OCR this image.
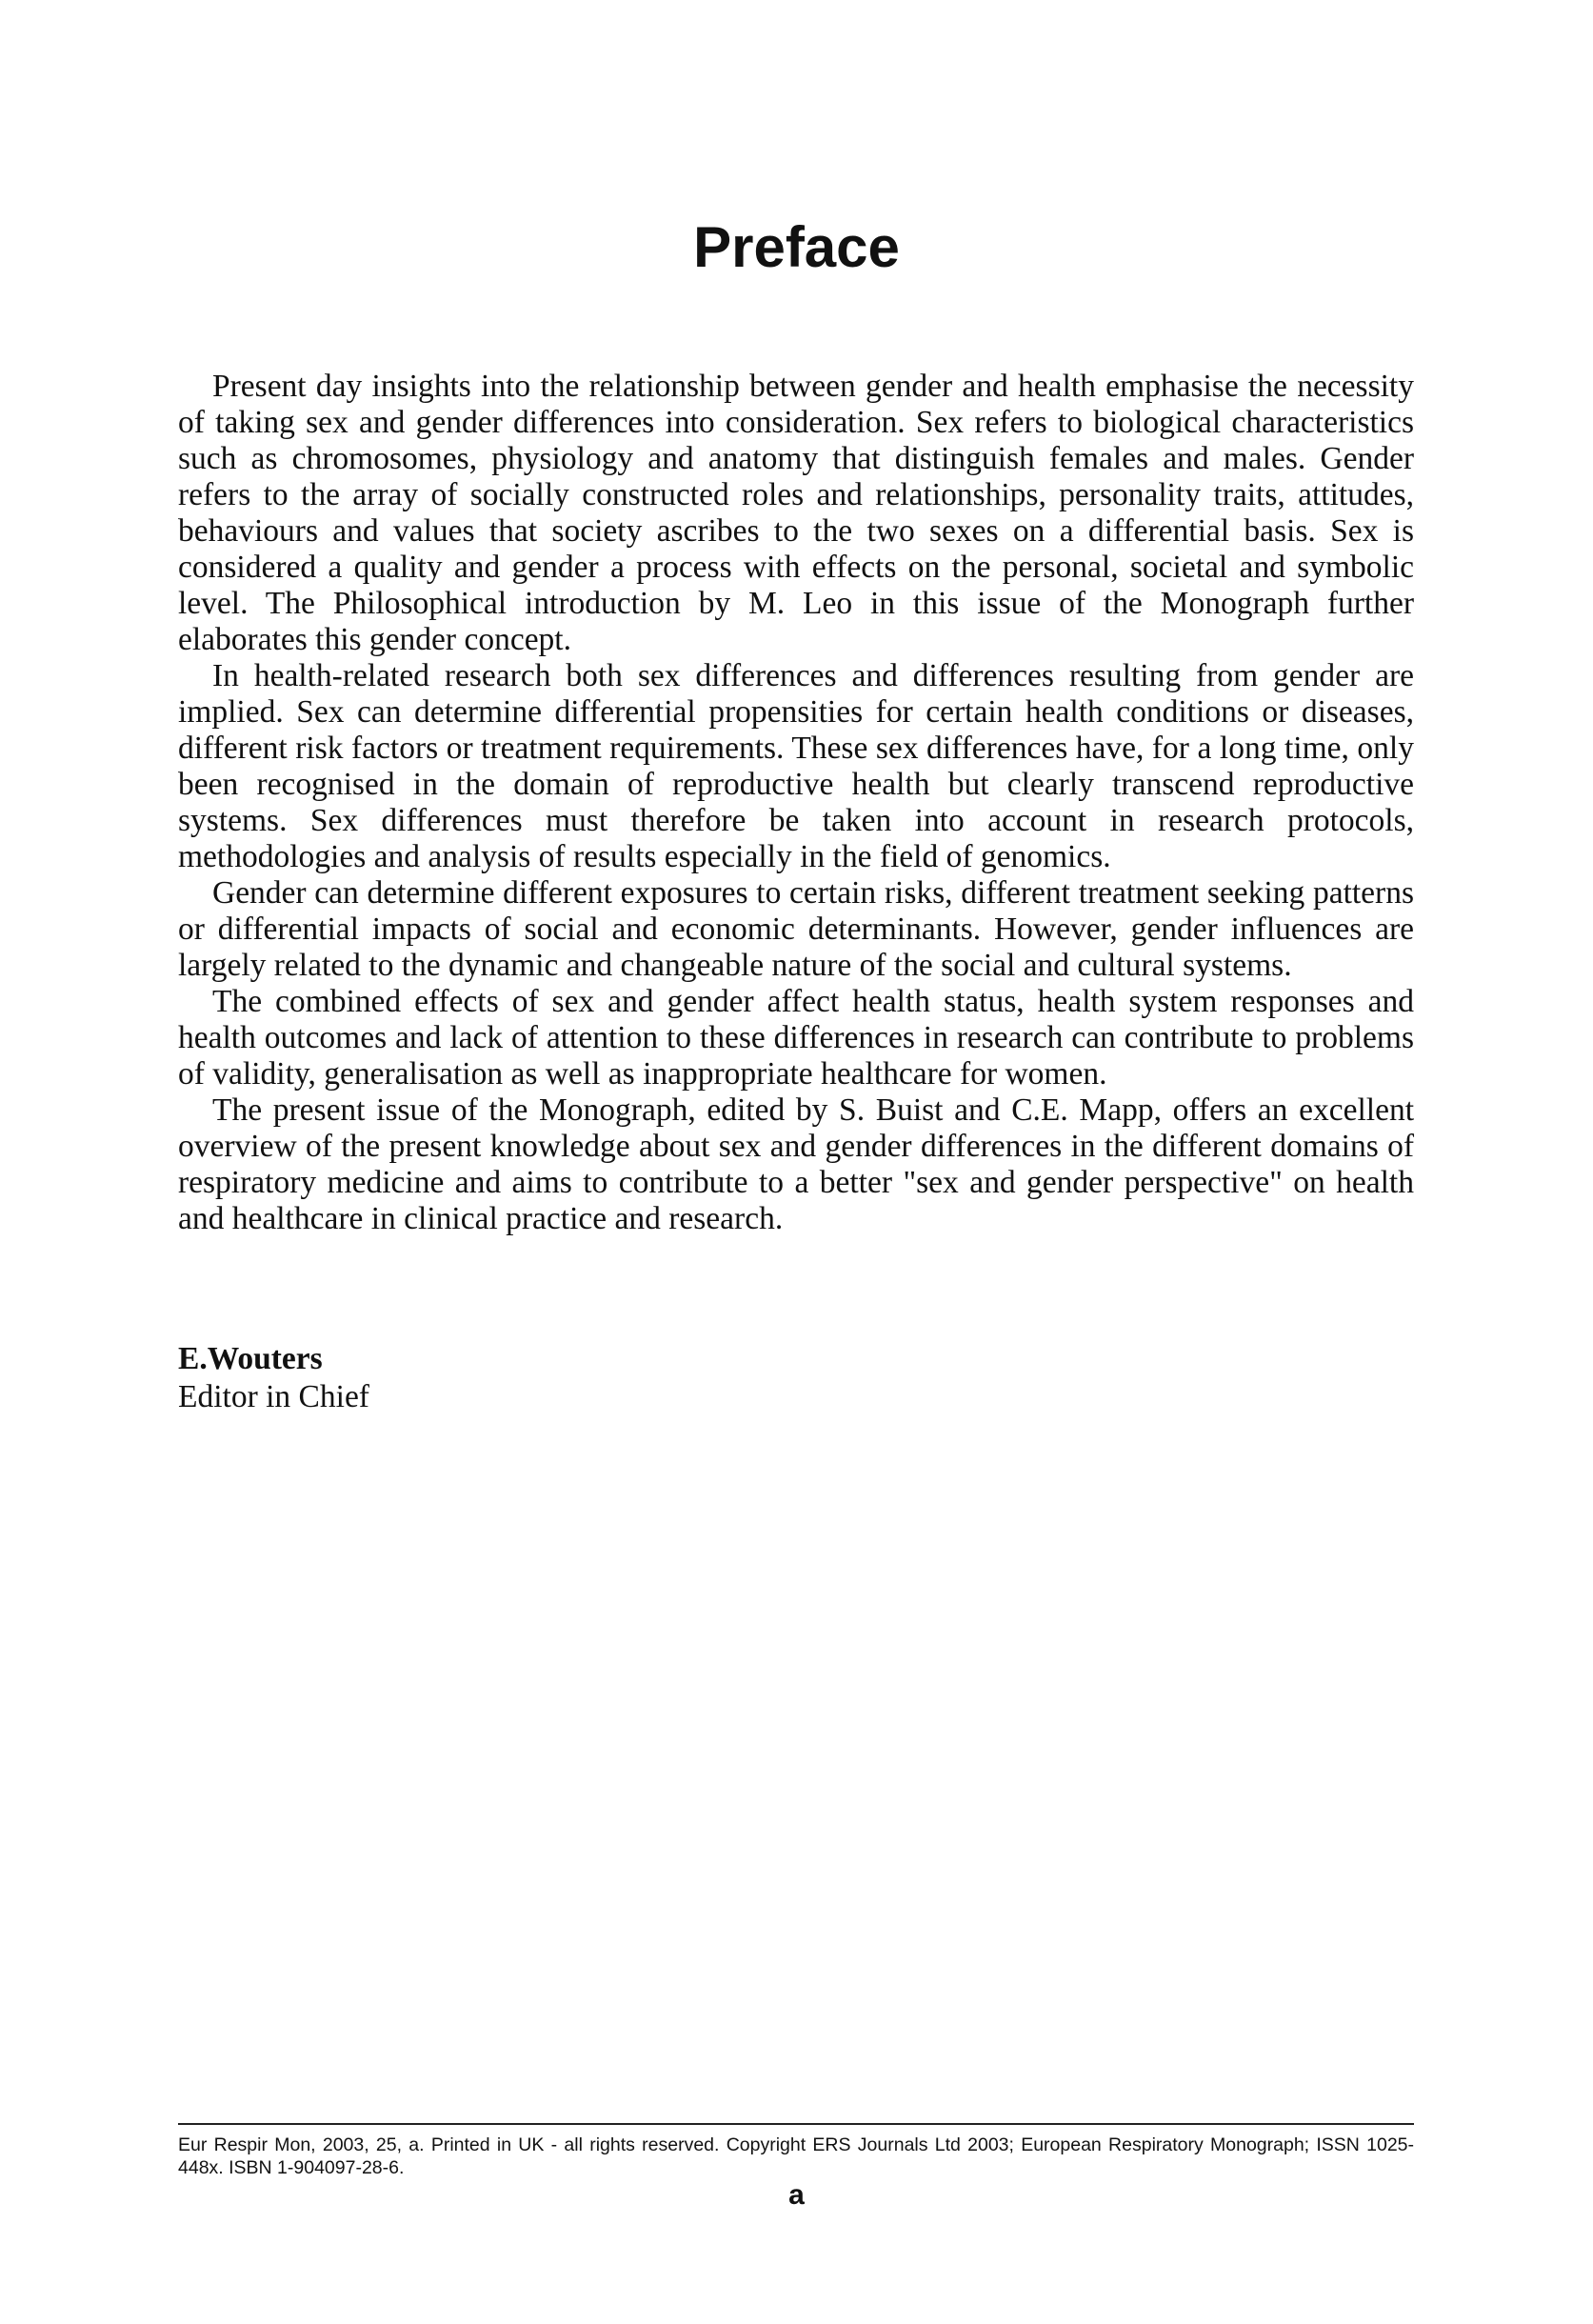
Preface

Present day insights into the relationship between gender and health emphasise the necessity of taking sex and gender differences into consideration. Sex refers to biological characteristics such as chromosomes, physiology and anatomy that distinguish females and males. Gender refers to the array of socially constructed roles and relationships, personality traits, attitudes, behaviours and values that society ascribes to the two sexes on a differential basis. Sex is considered a quality and gender a process with effects on the personal, societal and symbolic level. The Philosophical introduction by M. Leo in this issue of the Monograph further elaborates this gender concept.

In health-related research both sex differences and differences resulting from gender are implied. Sex can determine differential propensities for certain health conditions or diseases, different risk factors or treatment requirements. These sex differences have, for a long time, only been recognised in the domain of reproductive health but clearly transcend reproductive systems. Sex differences must therefore be taken into account in research protocols, methodologies and analysis of results especially in the field of genomics.

Gender can determine different exposures to certain risks, different treatment seeking patterns or differential impacts of social and economic determinants. However, gender influences are largely related to the dynamic and changeable nature of the social and cultural systems.

The combined effects of sex and gender affect health status, health system responses and health outcomes and lack of attention to these differences in research can contribute to problems of validity, generalisation as well as inappropriate healthcare for women.

The present issue of the Monograph, edited by S. Buist and C.E. Mapp, offers an excellent overview of the present knowledge about sex and gender differences in the different domains of respiratory medicine and aims to contribute to a better "sex and gender perspective" on health and healthcare in clinical practice and research.

E.Wouters
Editor in Chief
Eur Respir Mon, 2003, 25, a. Printed in UK - all rights reserved. Copyright ERS Journals Ltd 2003; European Respiratory Monograph; ISSN 1025-448x. ISBN 1-904097-28-6.
a
